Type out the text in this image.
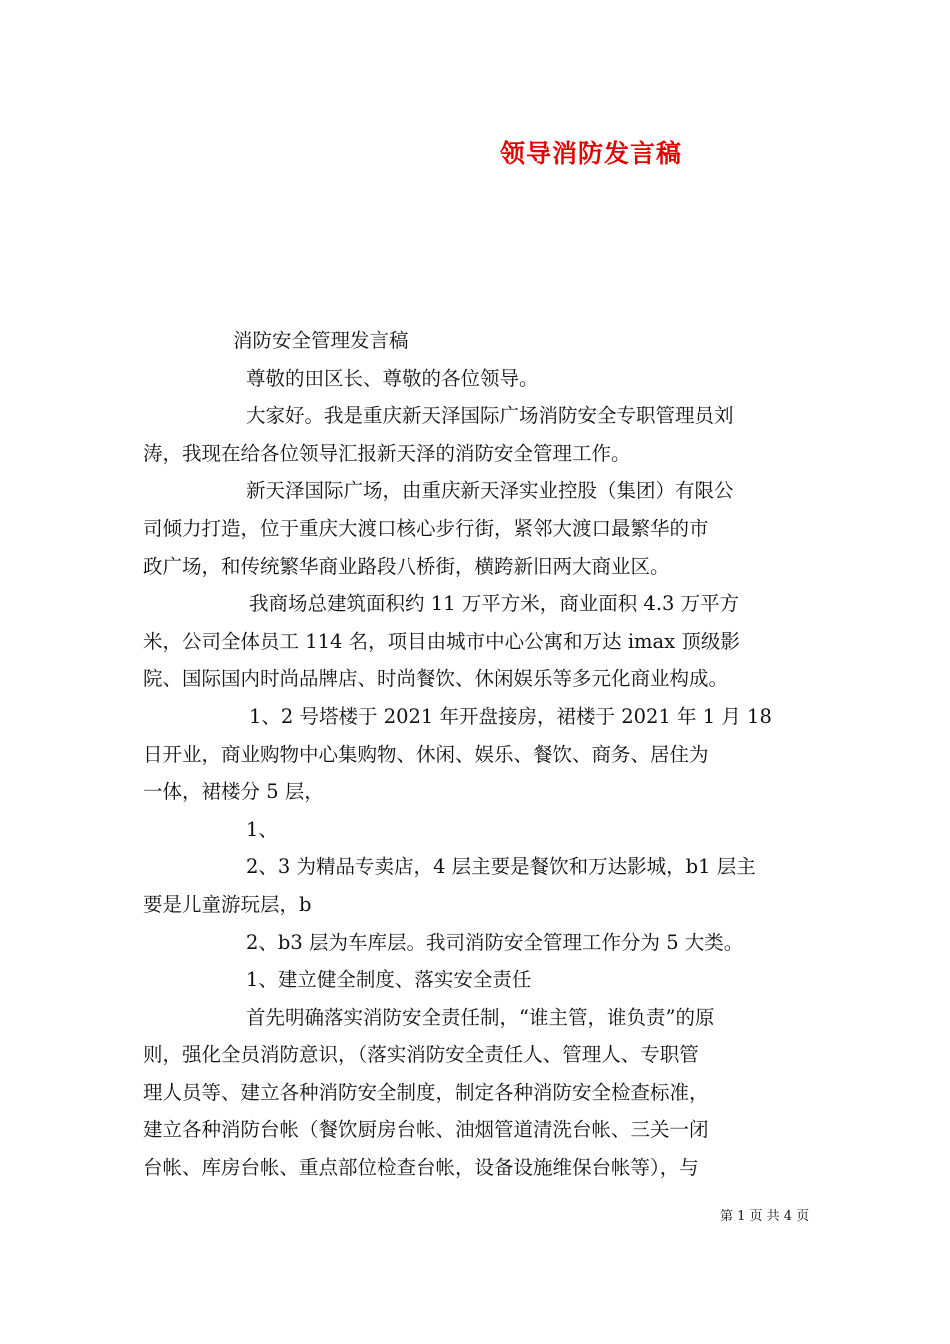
领导消防发言稿
消防安全管理发言稿
尊敬的田区长、尊敬的各位领导。
大家好。我是重庆新天泽国际广场消防安全专职管理员刘
涛，我现在给各位领导汇报新天泽的消防安全管理工作。
新天泽国际广场，由重庆新天泽实业控股（集团）有限公
司倾力打造，位于重庆大渡口核心步行街，紧邻大渡口最繁华的市
政广场，和传统繁华商业路段八桥街，横跨新旧两大商业区。
我商场总建筑面积约 11 万平方米，商业面积 4.3 万平方
米，公司全体员工 114 名，项目由城市中心公寓和万达 imax 顶级影
院、国际国内时尚品牌店、时尚餐饮、休闲娱乐等多元化商业构成。
1、2 号塔楼于 2021 年开盘接房，裙楼于 2021 年 1 月 18
日开业，商业购物中心集购物、休闲、娱乐、餐饮、商务、居住为
一体，裙楼分 5 层，
1、
2、3 为精品专卖店，4 层主要是餐饮和万达影城，b1 层主
要是儿童游玩层，b
2、b3 层为车库层。我司消防安全管理工作分为 5 大类。
1、建立健全制度、落实安全责任
首先明确落实消防安全责任制，“谁主管，谁负责”的原
则，强化全员消防意识，（落实消防安全责任人、管理人、专职管
理人员等、建立各种消防安全制度，制定各种消防安全检查标准，
建立各种消防台帐（餐饮厨房台帐、油烟管道清洗台帐、三关一闭
台帐、库房台帐、重点部位检查台帐，设备设施维保台帐等），与
第 1 页 共 4 页
